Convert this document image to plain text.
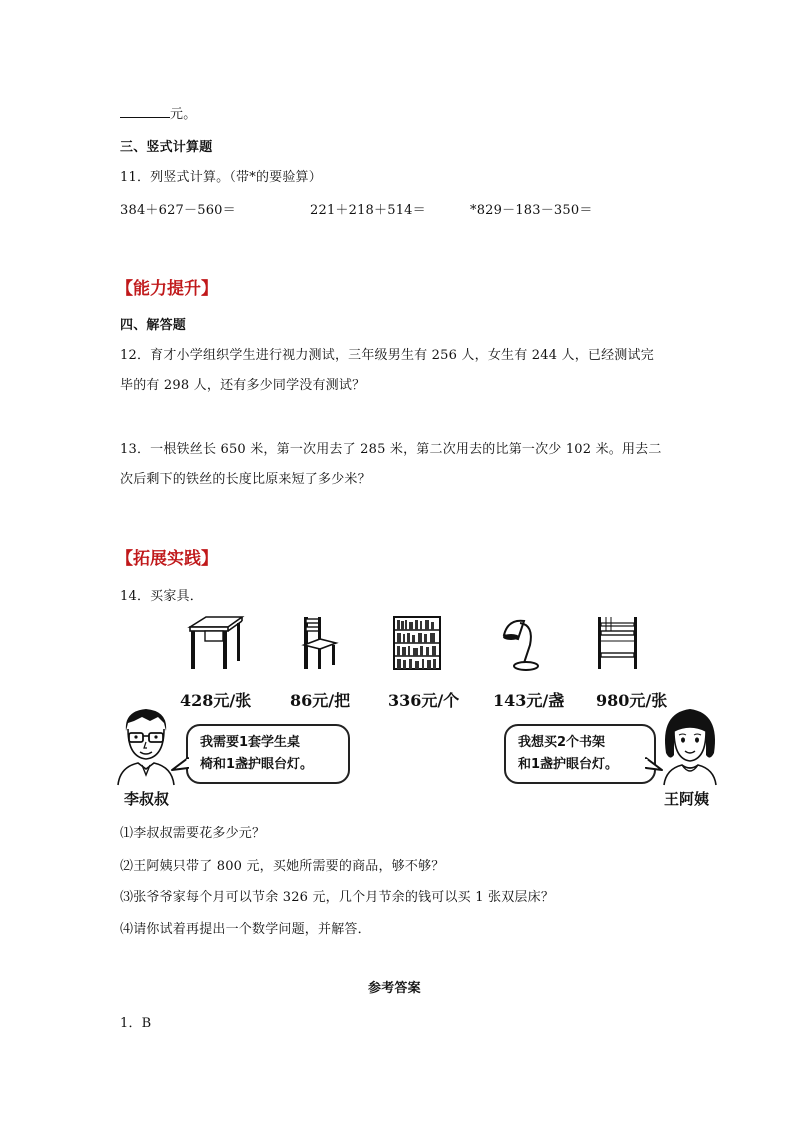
元。
三、竖式计算题
11．列竖式计算。（带*的要验算）
384＋627－560＝	221＋218＋514＝	*829－183－350＝
【能力提升】
四、解答题
12．育才小学组织学生进行视力测试，三年级男生有 256 人，女生有 244 人，已经测试完
毕的有 298 人，还有多少同学没有测试？
13．一根铁丝长 650 米，第一次用去了 285 米，第二次用去的比第一次少 102 米。用去二
次后剩下的铁丝的长度比原来短了多少米？
【拓展实践】
14．买家具．
428元/张 86元/把 336元/个 143元/盏 980元/张
李叔叔
我需要1套学生桌
椅和1盏护眼台灯。
我想买2个书架
和1盏护眼台灯。
王阿姨
⑴李叔叔需要花多少元？
⑵王阿姨只带了 800 元，买她所需要的商品，够不够？
⑶张爷爷家每个月可以节余 326 元，几个月节余的钱可以买 1 张双层床？
⑷请你试着再提出一个数学问题，并解答．
参考答案
1．B
